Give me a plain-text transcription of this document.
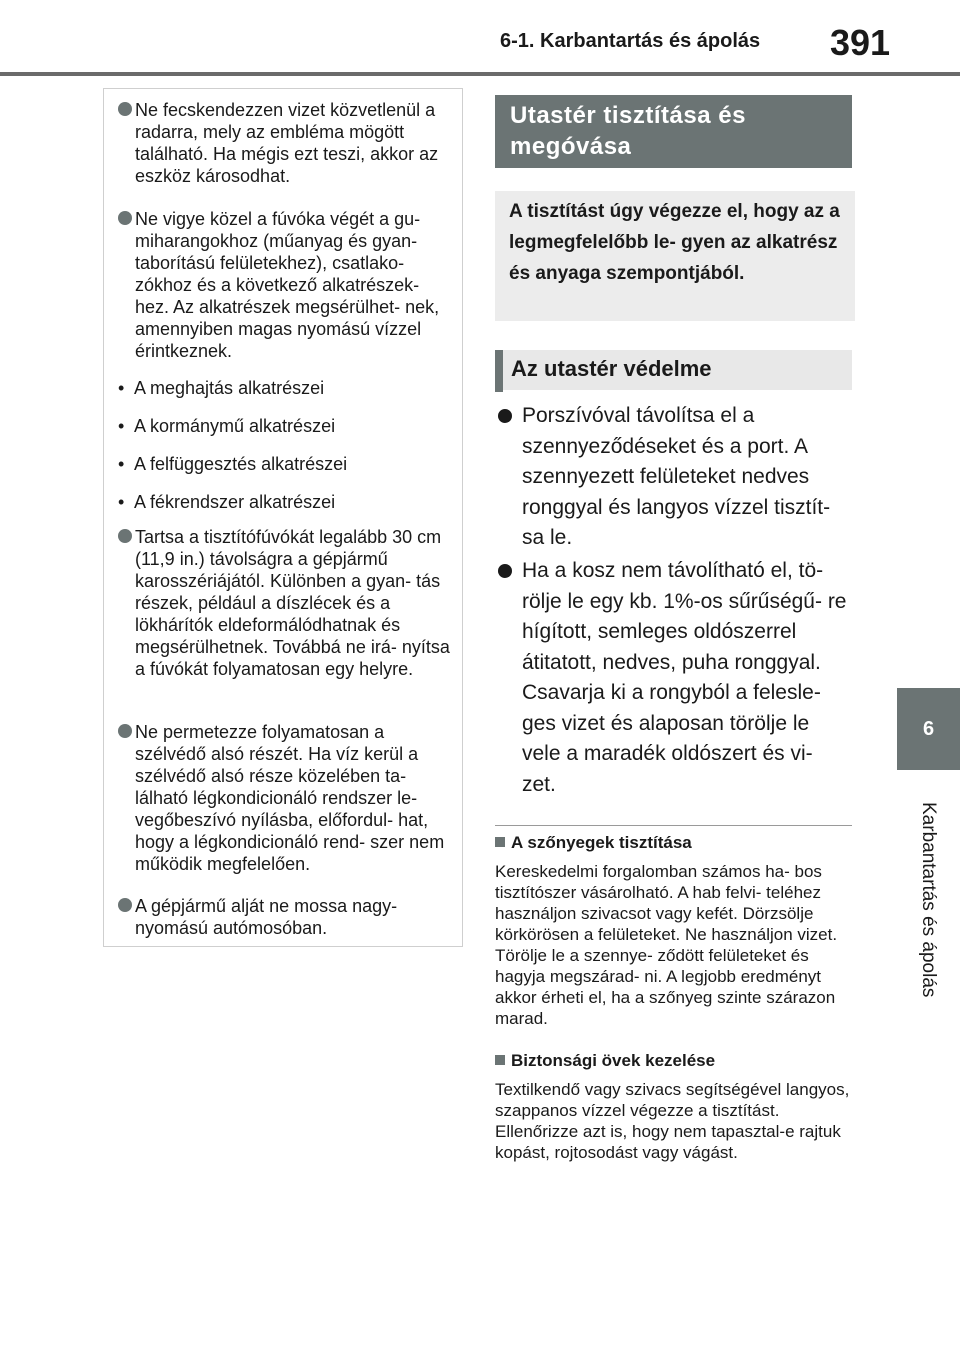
6-1. Karbantartás és ápolás	391
6
Karbantartás és ápolás
Ne fecskendezzen vizet közvetlenül a radarra, mely az embléma mögött található. Ha mégis ezt teszi, akkor az eszköz károsodhat.
Ne vigye közel a fúvóka végét a gu- miharangokhoz (műanyag és gyan- taborítású felületekhez), csatlako- zókhoz és a következő alkatrészek- hez. Az alkatrészek megsérülhet- nek, amennyiben magas nyomású vízzel érintkeznek.
• A meghajtás alkatrészei
• A kormánymű alkatrészei
• A felfüggesztés alkatrészei
• A fékrendszer alkatrészei
Tartsa a tisztítófúvókát legalább 30 cm (11,9 in.) távolságra a gépjármű karosszériájától. Különben a gyan- tás részek, például a díszlécek és a lökhárítók eldeformálódhatnak és megsérülhetnek. Továbbá ne irá- nyítsa a fúvókát folyamatosan egy helyre.
Ne permetezze folyamatosan a szélvédő alsó részét. Ha víz kerül a szélvédő alsó része közelében ta- lálható légkondicionáló rendszer le- vegőbeszívó nyílásba, előfordul- hat, hogy a légkondicionáló rend- szer nem működik megfelelően.
A gépjármű alját ne mossa nagy- nyomású autómosóban.
Utastér tisztítása és megóvása
A tisztítást úgy végezze el, hogy az a legmegfelelőbb le- gyen az alkatrész és anyaga szempontjából.
Az utastér védelme
Porszívóval távolítsa el a szennyeződéseket és a port. A szennyezett felületeket nedves ronggyal és langyos vízzel tisztít- sa le.
Ha a kosz nem távolítható el, tö- rölje le egy kb. 1%-os sűrűségű- re hígított, semleges oldószerrel átitatott, nedves, puha ronggyal. Csavarja ki a rongyból a felesle- ges vizet és alaposan törölje le vele a maradék oldószert és vi- zet.
A szőnyegek tisztítása
Kereskedelmi forgalomban számos ha- bos tisztítószer vásárolható. A hab felvi- teléhez használjon szivacsot vagy kefét. Dörzsölje körkörösen a felületeket. Ne használjon vizet. Törölje le a szennye- ződött felületeket és hagyja megszárad- ni. A legjobb eredményt akkor érheti el, ha a szőnyeg szinte szárazon marad.
Biztonsági övek kezelése
Textilkendő vagy szivacs segítségével langyos, szappanos vízzel végezze a tisztítást. Ellenőrizze azt is, hogy nem tapasztal-e rajtuk kopást, rojtosodást vagy vágást.
